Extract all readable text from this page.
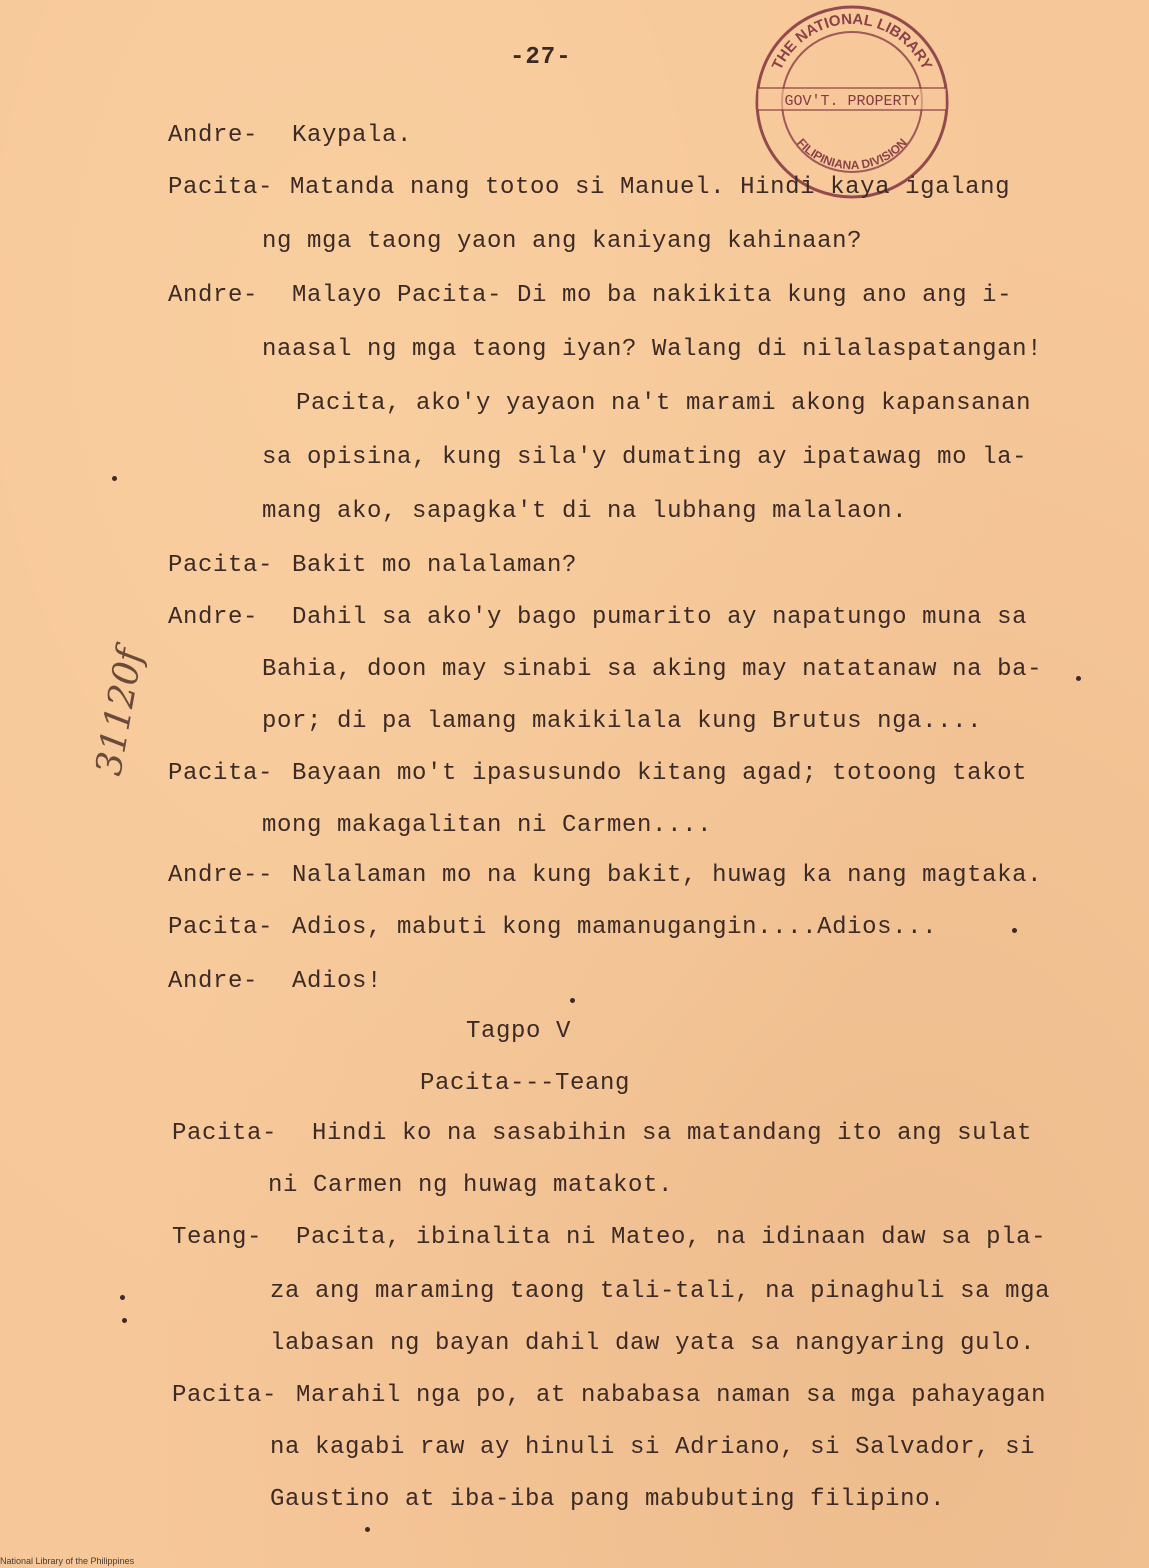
THE NATIONAL LIBRARY
GOV'T. PROPERTY
FILIPINIANA DIVISION
-27-
31120f
Andre- Kaypala.
Pacita- Matanda nang totoo si Manuel. Hindi kaya igalang
ng mga taong yaon ang kaniyang kahinaan?
Andre- Malayo Pacita- Di mo ba nakikita kung ano ang i-
naasal ng mga taong iyan? Walang di nilalaspatangan!
Pacita, ako'y yayaon na't marami akong kapansanan
sa opisina, kung sila'y dumating ay ipatawag mo la-
mang ako, sapagka't di na lubhang malalaon.
Pacita- Bakit mo nalalaman?
Andre- Dahil sa ako'y bago pumarito ay napatungo muna sa
Bahia, doon may sinabi sa aking may natatanaw na ba-
por; di pa lamang makikilala kung Brutus nga....
Pacita- Bayaan mo't ipasusundo kitang agad; totoong takot
mong makagalitan ni Carmen....
Andre-- Nalalaman mo na kung bakit, huwag ka nang magtaka.
Pacita- Adios, mabuti kong mamanugangin....Adios...
Andre- Adios!
Tagpo V
Pacita---Teang
Pacita- Hindi ko na sasabihin sa matandang ito ang sulat
ni Carmen ng huwag matakot.
Teang- Pacita, ibinalita ni Mateo, na idinaan daw sa pla-
za ang maraming taong tali-tali, na pinaghuli sa mga
labasan ng bayan dahil daw yata sa nangyaring gulo.
Pacita- Marahil nga po, at nababasa naman sa mga pahayagan
na kagabi raw ay hinuli si Adriano, si Salvador, si
Gaustino at iba-iba pang mabubuting filipino.
National Library of the Philippines
